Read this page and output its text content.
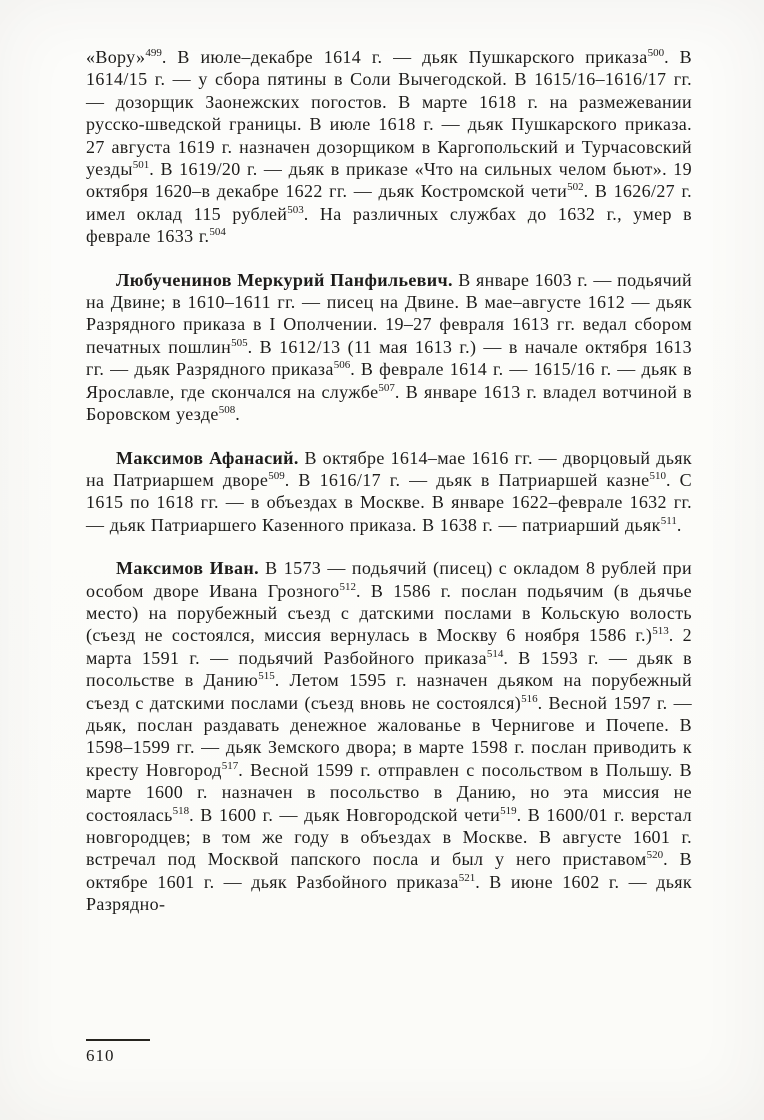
«Вору»$^{499}$. В июле–декабре 1614 г. — дьяк Пушкарского приказа$^{500}$. В 1614/15 г. — у сбора пятины в Соли Вычегодской. В 1615/16–1616/17 гг. — дозорщик Заонежских погостов. В марте 1618 г. на размежевании русско-шведской границы. В июле 1618 г. — дьяк Пушкарского приказа. 27 августа 1619 г. назначен дозорщиком в Каргопольский и Турчасовский уезды$^{501}$. В 1619/20 г. — дьяк в приказе «Что на сильных челом бьют». 19 октября 1620–в декабре 1622 гг. — дьяк Костромской чети$^{502}$. В 1626/27 г. имел оклад 115 рублей$^{503}$. На различных службах до 1632 г., умер в феврале 1633 г.$^{504}$

Любученинов Меркурий Панфильевич. В январе 1603 г. — подьячий на Двине; в 1610–1611 гг. — писец на Двине. В мае–августе 1612 — дьяк Разрядного приказа в I Ополчении. 19–27 февраля 1613 гг. ведал сбором печатных пошлин$^{505}$. В 1612/13 (11 мая 1613 г.) — в начале октября 1613 гг. — дьяк Разрядного приказа$^{506}$. В феврале 1614 г. — 1615/16 г. — дьяк в Ярославле, где скончался на службе$^{507}$. В январе 1613 г. владел вотчиной в Боровском уезде$^{508}$.

Максимов Афанасий. В октябре 1614–мае 1616 гг. — дворцовый дьяк на Патриаршем дворе$^{509}$. В 1616/17 г. — дьяк в Патриаршей казне$^{510}$. С 1615 по 1618 гг. — в объездах в Москве. В январе 1622–феврале 1632 гг. — дьяк Патриаршего Казенного приказа. В 1638 г. — патриарший дьяк$^{511}$.

Максимов Иван. В 1573 — подьячий (писец) с окладом 8 рублей при особом дворе Ивана Грозного$^{512}$. В 1586 г. послан подьячим (в дьячье место) на порубежный съезд с датскими послами в Кольскую волость (съезд не состоялся, миссия вернулась в Москву 6 ноября 1586 г.)$^{513}$. 2 марта 1591 г. — подьячий Разбойного приказа$^{514}$. В 1593 г. — дьяк в посольстве в Данию$^{515}$. Летом 1595 г. назначен дьяком на порубежный съезд с датскими послами (съезд вновь не состоялся)$^{516}$. Весной 1597 г. — дьяк, послан раздавать денежное жалованье в Чернигове и Почепе. В 1598–1599 гг. — дьяк Земского двора; в марте 1598 г. послан приводить к кресту Новгород$^{517}$. Весной 1599 г. отправлен с посольством в Польшу. В марте 1600 г. назначен в посольство в Данию, но эта миссия не состоялась$^{518}$. В 1600 г. — дьяк Новгородской чети$^{519}$. В 1600/01 г. верстал новгородцев; в том же году в объездах в Москве. В августе 1601 г. встречал под Москвой папского посла и был у него приставом$^{520}$. В октябре 1601 г. — дьяк Разбойного приказа$^{521}$. В июне 1602 г. — дьяк Разрядно-

610
